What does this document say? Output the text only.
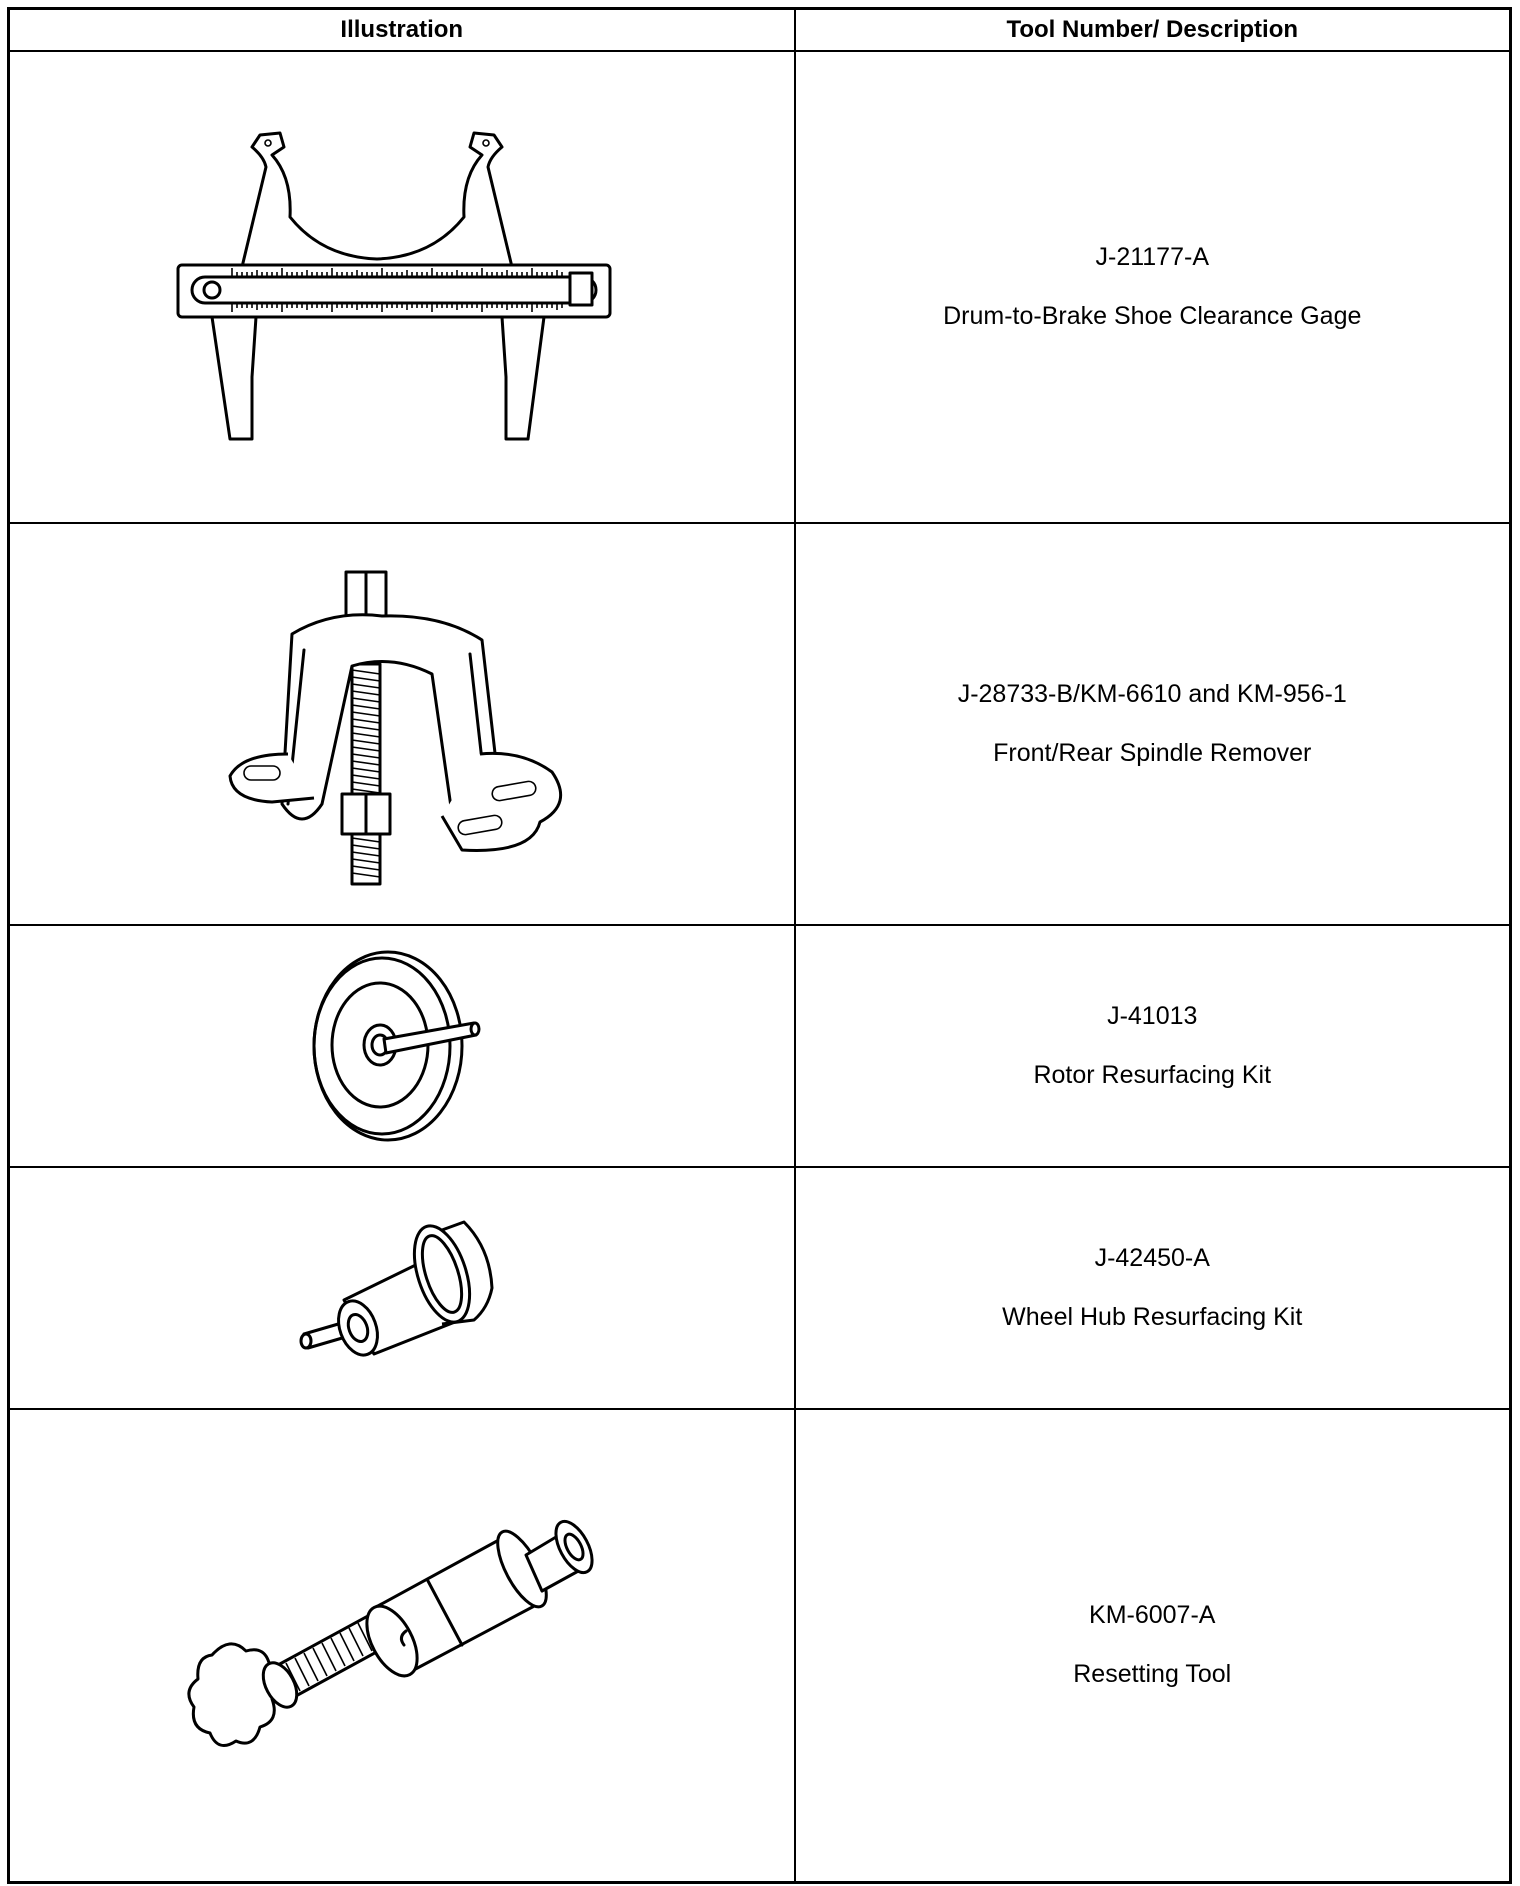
Illustration	Tool Number/ Description

J-21177-A
Drum-to-Brake Shoe Clearance Gage

J-28733-B/KM-6610 and KM-956-1
Front/Rear Spindle Remover

J-41013
Rotor Resurfacing Kit

J-42450-A
Wheel Hub Resurfacing Kit

KM-6007-A
Resetting Tool
